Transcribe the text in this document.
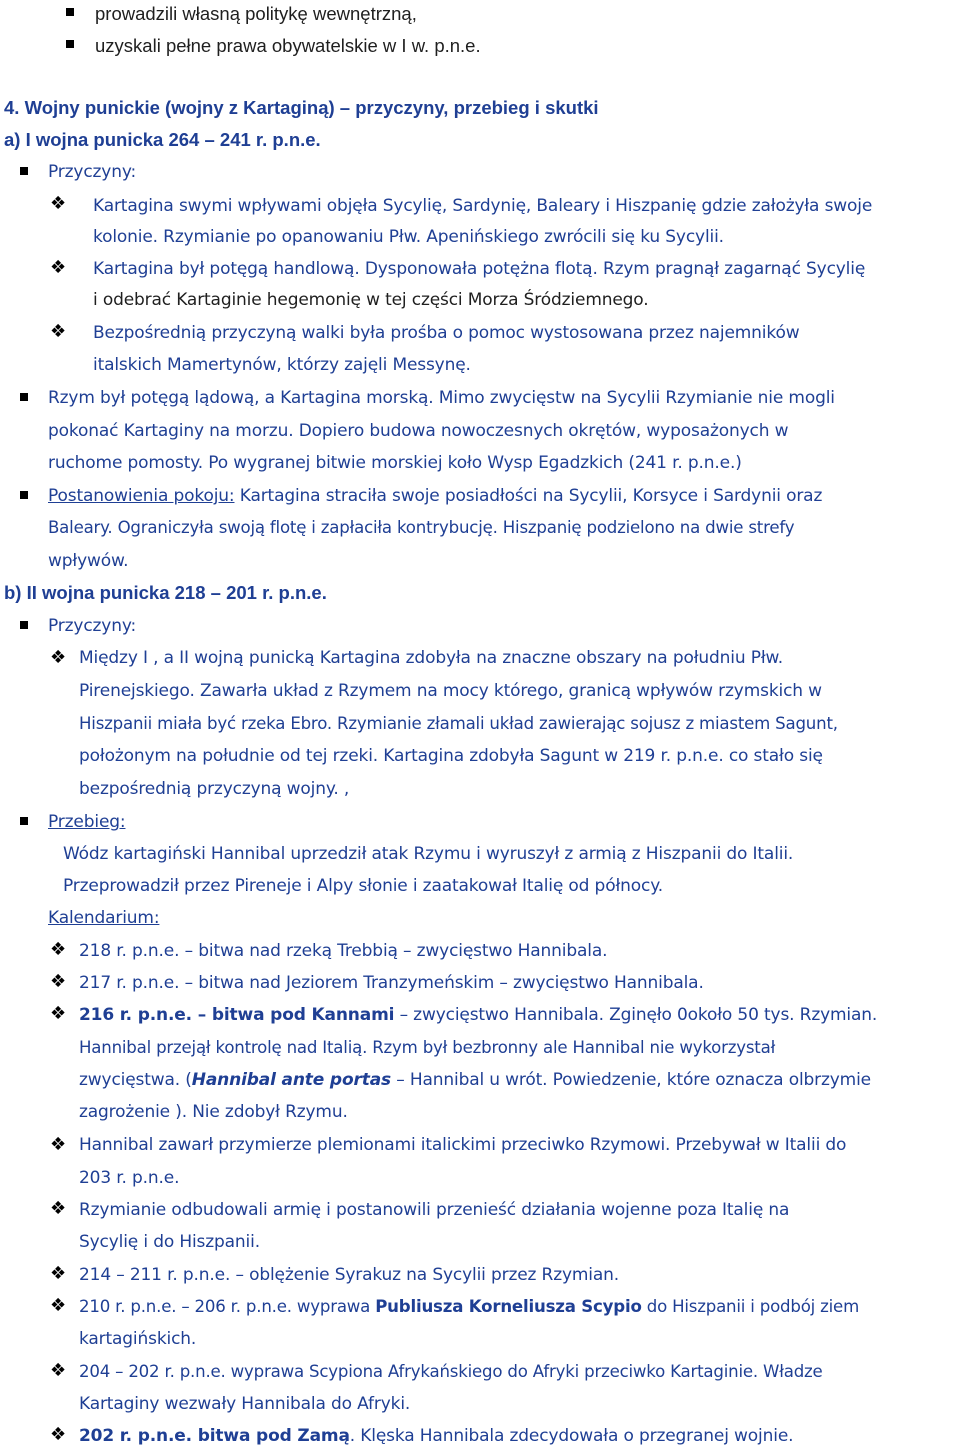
prowadzili własną politykę wewnętrzną,
uzyskali pełne prawa obywatelskie w I w. p.n.e.
4. Wojny punickie (wojny z Kartaginą) – przyczyny, przebieg i skutki
a) I wojna punicka 264 – 241 r. p.n.e.
Przyczyny:
❖ Kartagina swymi wpływami objęła Sycylię, Sardynię, Baleary i Hiszpanię gdzie założyła swoje
kolonie. Rzymianie po opanowaniu Płw. Apenińskiego zwrócili się ku Sycylii.
❖ Kartagina był potęgą handlową. Dysponowała potężna flotą. Rzym pragnął zagarnąć Sycylię
i odebrać Kartaginie hegemonię w tej części Morza Śródziemnego.
❖ Bezpośrednią przyczyną walki była prośba o pomoc wystosowana przez najemników
italskich Mamertynów, którzy zajęli Messynę.
Rzym był potęgą lądową, a Kartagina morską. Mimo zwycięstw na Sycylii Rzymianie nie mogli
pokonać Kartaginy na morzu. Dopiero budowa nowoczesnych okrętów, wyposażonych w
ruchome pomosty. Po wygranej bitwie morskiej koło Wysp Egadzkich (241 r. p.n.e.)
Postanowienia pokoju: Kartagina straciła swoje posiadłości na Sycylii, Korsyce i Sardynii oraz
Baleary. Ograniczyła swoją flotę i zapłaciła kontrybucję. Hiszpanię podzielono na dwie strefy
wpływów.
b) II wojna punicka 218 – 201 r. p.n.e.
Przyczyny:
❖ Między I , a II wojną punicką Kartagina zdobyła na znaczne obszary na południu Płw.
Pirenejskiego. Zawarła układ z Rzymem na mocy którego, granicą wpływów rzymskich w
Hiszpanii miała być rzeka Ebro. Rzymianie złamali układ zawierając sojusz z miastem Sagunt,
położonym na południe od tej rzeki. Kartagina zdobyła Sagunt w 219 r. p.n.e. co stało się
bezpośrednią przyczyną wojny. ,
Przebieg:
Wódz kartagiński Hannibal uprzedził atak Rzymu i wyruszył z armią z Hiszpanii do Italii.
Przeprowadził przez Pireneje i Alpy słonie i zaatakował Italię od północy.
Kalendarium:
❖ 218 r. p.n.e. – bitwa nad rzeką Trebbią – zwycięstwo Hannibala.
❖ 217 r. p.n.e. – bitwa nad Jeziorem Tranzymeńskim – zwycięstwo Hannibala.
❖ 216 r. p.n.e. – bitwa pod Kannami – zwycięstwo Hannibala. Zginęło 0około 50 tys. Rzymian.
Hannibal przejął kontrolę nad Italią. Rzym był bezbronny ale Hannibal nie wykorzystał
zwycięstwa. (Hannibal ante portas – Hannibal u wrót. Powiedzenie, które oznacza olbrzymie
zagrożenie ). Nie zdobył Rzymu.
❖ Hannibal zawarł przymierze plemionami italickimi przeciwko Rzymowi. Przebywał w Italii do
203 r. p.n.e.
❖ Rzymianie odbudowali armię i postanowili przenieść działania wojenne poza Italię na
Sycylię i do Hiszpanii.
❖ 214 – 211 r. p.n.e. – oblężenie Syrakuz na Sycylii przez Rzymian.
❖ 210 r. p.n.e. – 206 r. p.n.e. wyprawa Publiusza Korneliusza Scypio do Hiszpanii i podbój ziem
kartagińskich.
❖ 204 – 202 r. p.n.e. wyprawa Scypiona Afrykańskiego do Afryki przeciwko Kartaginie. Władze
Kartaginy wezwały Hannibala do Afryki.
❖ 202 r. p.n.e. bitwa pod Zamą. Klęska Hannibala zdecydowała o przegranej wojnie.
